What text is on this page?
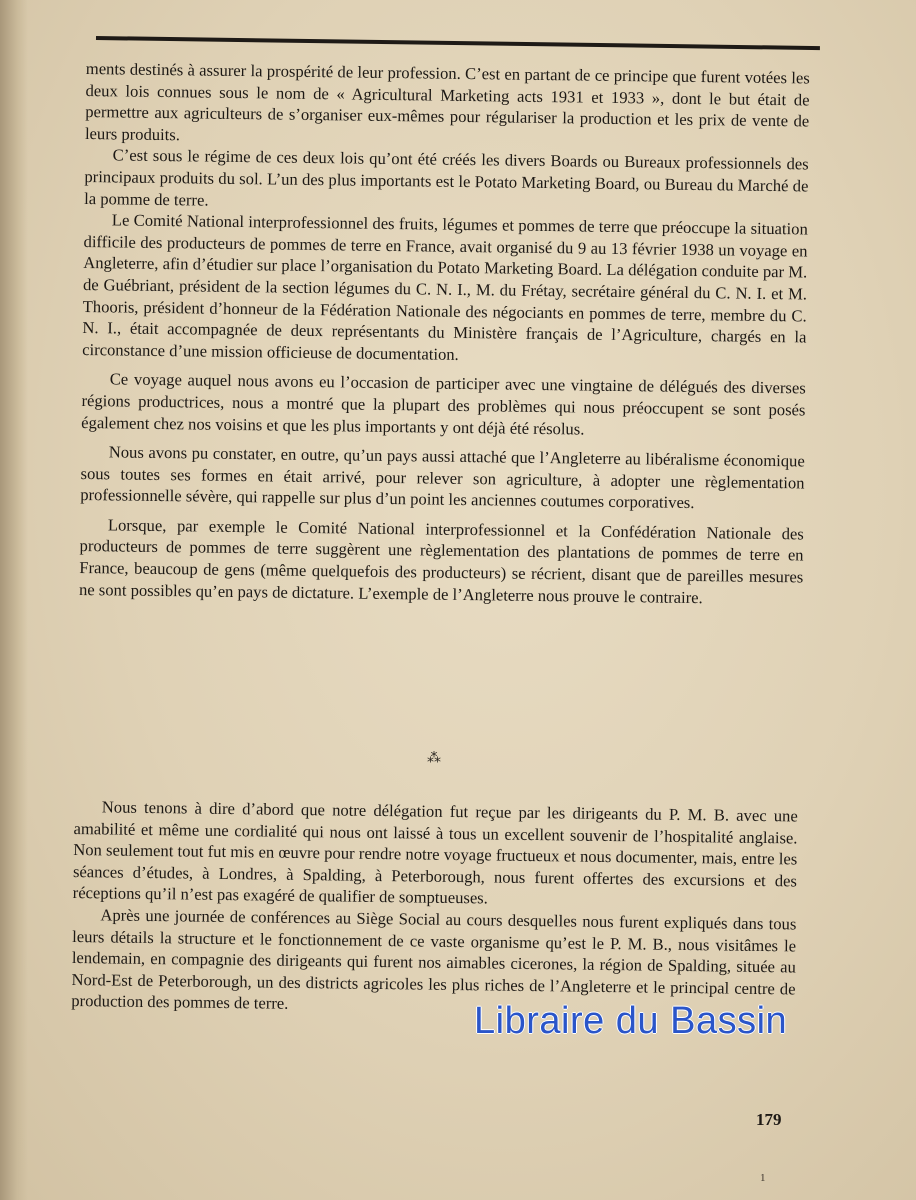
ments destinés à assurer la prospérité de leur profession. C’est en partant de ce principe que furent votées les deux lois connues sous le nom de « Agricultural Marketing acts 1931 et 1933 », dont le but était de permettre aux agriculteurs de s’organiser eux-mêmes pour régulariser la production et les prix de vente de leurs produits.

C’est sous le régime de ces deux lois qu’ont été créés les divers Boards ou Bureaux professionnels des principaux produits du sol. L’un des plus importants est le Potato Marketing Board, ou Bureau du Marché de la pomme de terre.

Le Comité National interprofessionnel des fruits, légumes et pommes de terre que préoccupe la situation difficile des producteurs de pommes de terre en France, avait organisé du 9 au 13 février 1938 un voyage en Angleterre, afin d’étudier sur place l’organisation du Potato Marketing Board. La délégation conduite par M. de Guébriant, président de la section légumes du C. N. I., M. du Frétay, secrétaire général du C. N. I. et M. Thooris, président d’honneur de la Fédération Nationale des négociants en pommes de terre, membre du C. N. I., était accompagnée de deux représentants du Ministère français de l’Agriculture, chargés en la circonstance d’une mission officieuse de documentation.

Ce voyage auquel nous avons eu l’occasion de participer avec une vingtaine de délégués des diverses régions productrices, nous a montré que la plupart des problèmes qui nous préoccupent se sont posés également chez nos voisins et que les plus importants y ont déjà été résolus.

Nous avons pu constater, en outre, qu’un pays aussi attaché que l’Angleterre au libéralisme économique sous toutes ses formes en était arrivé, pour relever son agriculture, à adopter une règlementation professionnelle sévère, qui rappelle sur plus d’un point les anciennes coutumes corporatives.

Lorsque, par exemple le Comité National interprofessionnel et la Confédération Nationale des producteurs de pommes de terre suggèrent une règlementation des plantations de pommes de terre en France, beaucoup de gens (même quelquefois des producteurs) se récrient, disant que de pareilles mesures ne sont possibles qu’en pays de dictature. L’exemple de l’Angleterre nous prouve le contraire.

⁂

Nous tenons à dire d’abord que notre délégation fut reçue par les dirigeants du P. M. B. avec une amabilité et même une cordialité qui nous ont laissé à tous un excellent souvenir de l’hospitalité anglaise. Non seulement tout fut mis en œuvre pour rendre notre voyage fructueux et nous documenter, mais, entre les séances d’études, à Londres, à Spalding, à Peterborough, nous furent offertes des excursions et des réceptions qu’il n’est pas exagéré de qualifier de somptueuses.

Après une journée de conférences au Siège Social au cours desquelles nous furent expliqués dans tous leurs détails la structure et le fonctionnement de ce vaste organisme qu’est le P. M. B., nous visitâmes le lendemain, en compagnie des dirigeants qui furent nos aimables cicerones, la région de Spalding, située au Nord-Est de Peterborough, un des districts agricoles les plus riches de l’Angleterre et le principal centre de production des pommes de terre.	Libraire du Bassin
179
1
